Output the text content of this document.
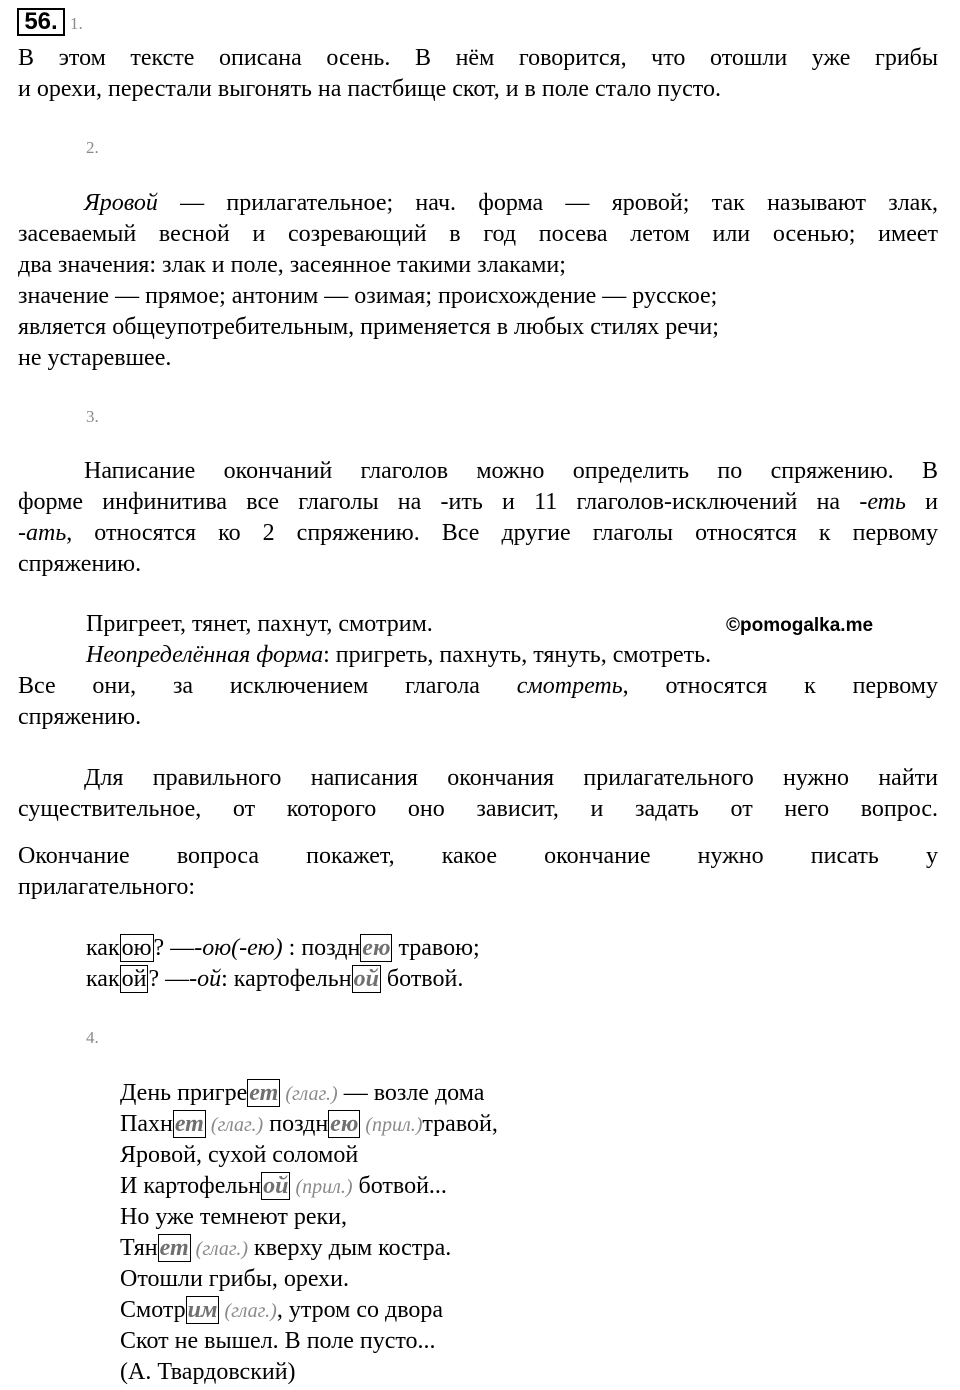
56. 1.
В этом тексте описана осень. В нём говорится, что отошли уже грибы
и орехи, перестали выгонять на пастбище скот, и в поле стало пусто.
2.
Яровой — прилагательное; нач. форма — яровой; так называют злак,
засеваемый весной и созревающий в год посева летом или осенью; имеет
два значения: злак и поле, засеянное такими злаками;
значение — прямое; антоним — озимая; происхождение — русское;
является общеупотребительным, применяется в любых стилях речи;
не устаревшее.
3.
Написание окончаний глаголов можно определить по спряжению. В
форме инфинитива все глаголы на -ить и 11 глаголов-исключений на -еть и
-ать, относятся ко 2 спряжению. Все другие глаголы относятся к первому
спряжению.
Пригреет, тянет, пахнут, смотрим.	©pomogalka.me
Неопределённая форма: пригреть, пахнуть, тянуть, смотреть.
Все они, за исключением глагола смотреть, относятся к первому
спряжению.
Для правильного написания окончания прилагательного нужно найти
существительное, от которого оно зависит, и задать от него вопрос.
Окончание вопроса покажет, какое окончание нужно писать у
прилагательного:
какою? —-ою(-ею) : позднею травою;
какой? —-ой: картофельной ботвой.
4.
День пригреет (глаг.) — возле дома
Пахнет (глаг.) позднею (прил.)травой,
Яровой, сухой соломой
И картофельной (прил.) ботвой...
Но уже темнеют реки,
Тянет (глаг.) кверху дым костра.
Отошли грибы, орехи.
Смотрим (глаг.), утром со двора
Скот не вышел. В поле пусто...
(А. Твардовский)
